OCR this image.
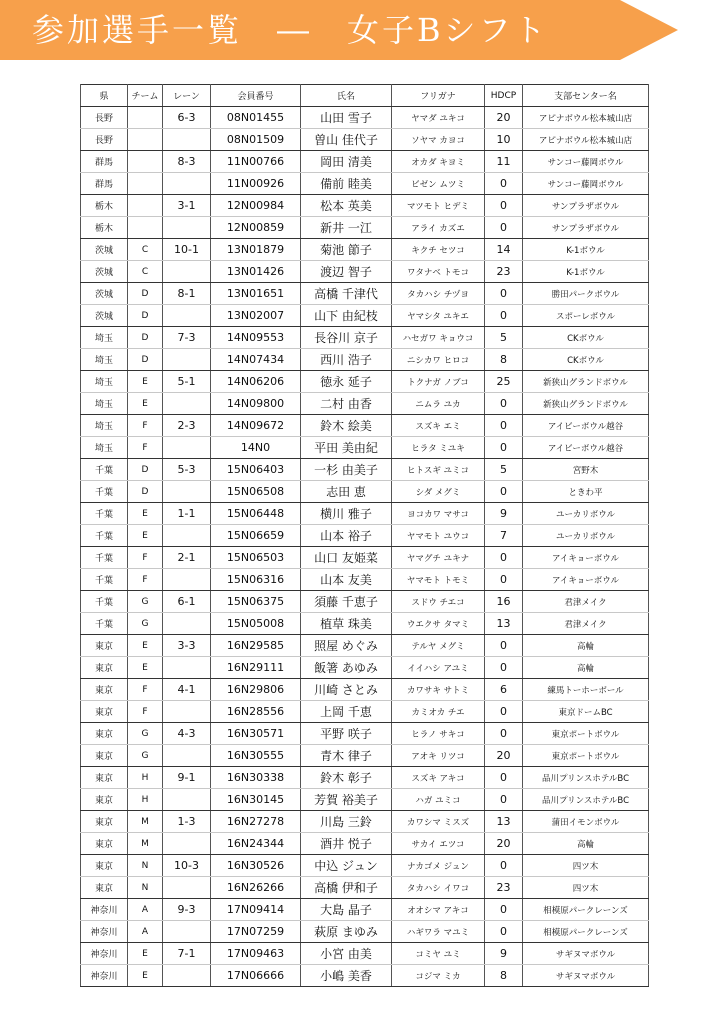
参加選手一覧　―　女子Bシフト
県	チーム	レーン	会員番号	氏名	フリガナ	HDCP	支部センター名
長野		6-3	08N01455	山田 雪子	ヤマダ ユキコ	20	アピナボウル松本城山店
長野			08N01509	曽山 佳代子	ソヤマ カヨコ	10	アピナボウル松本城山店
群馬		8-3	11N00766	岡田 清美	オカダ キヨミ	11	サンコー藤岡ボウル
群馬			11N00926	備前 睦美	ビゼン ムツミ	0	サンコー藤岡ボウル
栃木		3-1	12N00984	松本 英美	マツモト ヒデミ	0	サンプラザボウル
栃木			12N00859	新井 一江	アライ カズエ	0	サンプラザボウル
茨城	C	10-1	13N01879	菊池 節子	キクチ セツコ	14	K-1ボウル
茨城	C		13N01426	渡辺 智子	ワタナベ トモコ	23	K-1ボウル
茨城	D	8-1	13N01651	高橋 千津代	タカハシ チヅヨ	0	勝田パークボウル
茨城	D		13N02007	山下 由紀枝	ヤマシタ ユキエ	0	スポーレボウル
埼玉	D	7-3	14N09553	長谷川 京子	ハセガワ キョウコ	5	CKボウル
埼玉	D		14N07434	西川 浩子	ニシカワ ヒロコ	8	CKボウル
埼玉	E	5-1	14N06206	徳永 延子	トクナガ ノブコ	25	新狭山グランドボウル
埼玉	E		14N09800	二村 由香	ニムラ ユカ	0	新狭山グランドボウル
埼玉	F	2-3	14N09672	鈴木 絵美	スズキ エミ	0	アイビーボウル越谷
埼玉	F		14N0	平田 美由紀	ヒラタ ミユキ	0	アイビーボウル越谷
千葉	D	5-3	15N06403	一杉 由美子	ヒトスギ ユミコ	5	宮野木
千葉	D		15N06508	志田 恵	シダ メグミ	0	ときわ平
千葉	E	1-1	15N06448	横川 雅子	ヨコカワ マサコ	9	ユーカリボウル
千葉	E		15N06659	山本 裕子	ヤマモト ユウコ	7	ユーカリボウル
千葉	F	2-1	15N06503	山口 友姫菜	ヤマグチ ユキナ	0	アイキョーボウル
千葉	F		15N06316	山本 友美	ヤマモト トモミ	0	アイキョーボウル
千葉	G	6-1	15N06375	須藤 千恵子	スドウ チエコ	16	君津メイク
千葉	G		15N05008	植草 珠美	ウエクサ タマミ	13	君津メイク
東京	E	3-3	16N29585	照屋 めぐみ	テルヤ メグミ	0	高輪
東京	E		16N29111	飯箸 あゆみ	イイハシ アユミ	0	高輪
東京	F	4-1	16N29806	川崎 さとみ	カワサキ サトミ	6	練馬トーホーボール
東京	F		16N28556	上岡 千恵	カミオカ チエ	0	東京ドームBC
東京	G	4-3	16N30571	平野 咲子	ヒラノ サキコ	0	東京ポートボウル
東京	G		16N30555	青木 律子	アオキ リツコ	20	東京ポートボウル
東京	H	9-1	16N30338	鈴木 彰子	スズキ アキコ	0	品川プリンスホテルBC
東京	H		16N30145	芳賀 裕美子	ハガ ユミコ	0	品川プリンスホテルBC
東京	M	1-3	16N27278	川島 三鈴	カワシマ ミスズ	13	蒲田イモンボウル
東京	M		16N24344	酒井 悦子	サカイ エツコ	20	高輪
東京	N	10-3	16N30526	中込 ジュン	ナカゴメ ジュン	0	四ツ木
東京	N		16N26266	高橋 伊和子	タカハシ イワコ	23	四ツ木
神奈川	A	9-3	17N09414	大島 晶子	オオシマ アキコ	0	相模原パークレーンズ
神奈川	A		17N07259	萩原 まゆみ	ハギワラ マユミ	0	相模原パークレーンズ
神奈川	E	7-1	17N09463	小宮 由美	コミヤ ユミ	9	サギヌマボウル
神奈川	E		17N06666	小嶋 美香	コジマ ミカ	8	サギヌマボウル
